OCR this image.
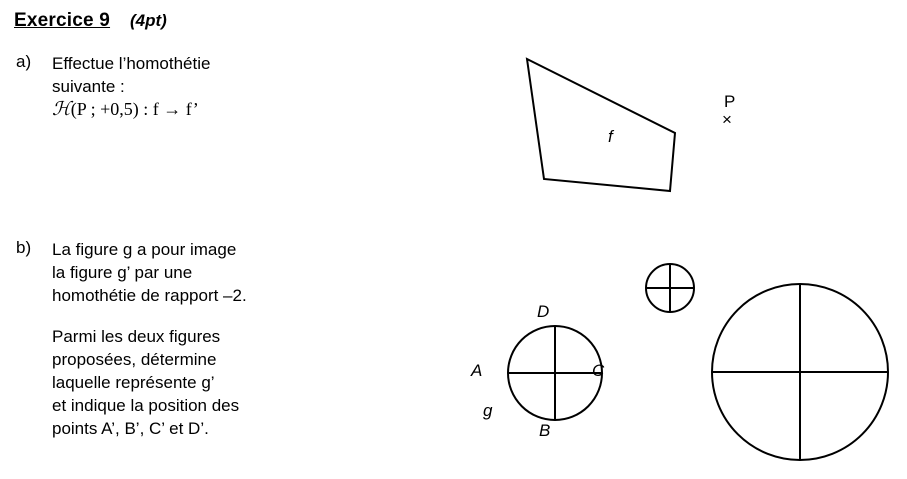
Exercice 9 (4pt)
a) Effectue l’homothétie

suivante :

ℋ(P ; +0,5) : f → f’

b) La figure g a pour image

la figure g’ par une

homothétie de rapport –2.

Parmi les deux figures

proposées, détermine

laquelle représente g’

et indique la position des

points A’, B’, C’ et D’.

f
P
×
D
A	C
B
g
